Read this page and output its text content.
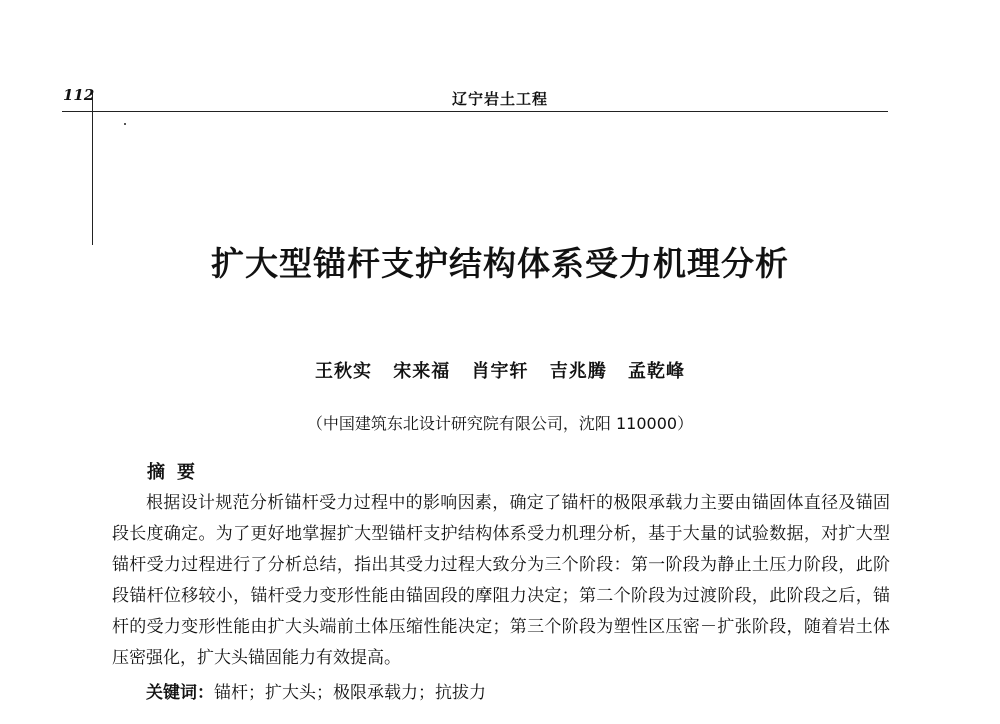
112	辽宁岩土工程
扩大型锚杆支护结构体系受力机理分析
王秋实 宋来福 肖宇轩 吉兆腾 孟乾峰
（中国建筑东北设计研究院有限公司，沈阳 110000）
摘要
根据设计规范分析锚杆受力过程中的影响因素，确定了锚杆的极限承载力主要由锚固体直径及锚固段长度确定。为了更好地掌握扩大型锚杆支护结构体系受力机理分析，基于大量的试验数据，对扩大型锚杆受力过程进行了分析总结，指出其受力过程大致分为三个阶段：第一阶段为静止土压力阶段，此阶段锚杆位移较小，锚杆受力变形性能由锚固段的摩阻力决定；第二个阶段为过渡阶段，此阶段之后，锚杆的受力变形性能由扩大头端前土体压缩性能决定；第三个阶段为塑性区压密－扩张阶段，随着岩土体压密强化，扩大头锚固能力有效提高。
关键词：锚杆；扩大头；极限承载力；抗拔力
